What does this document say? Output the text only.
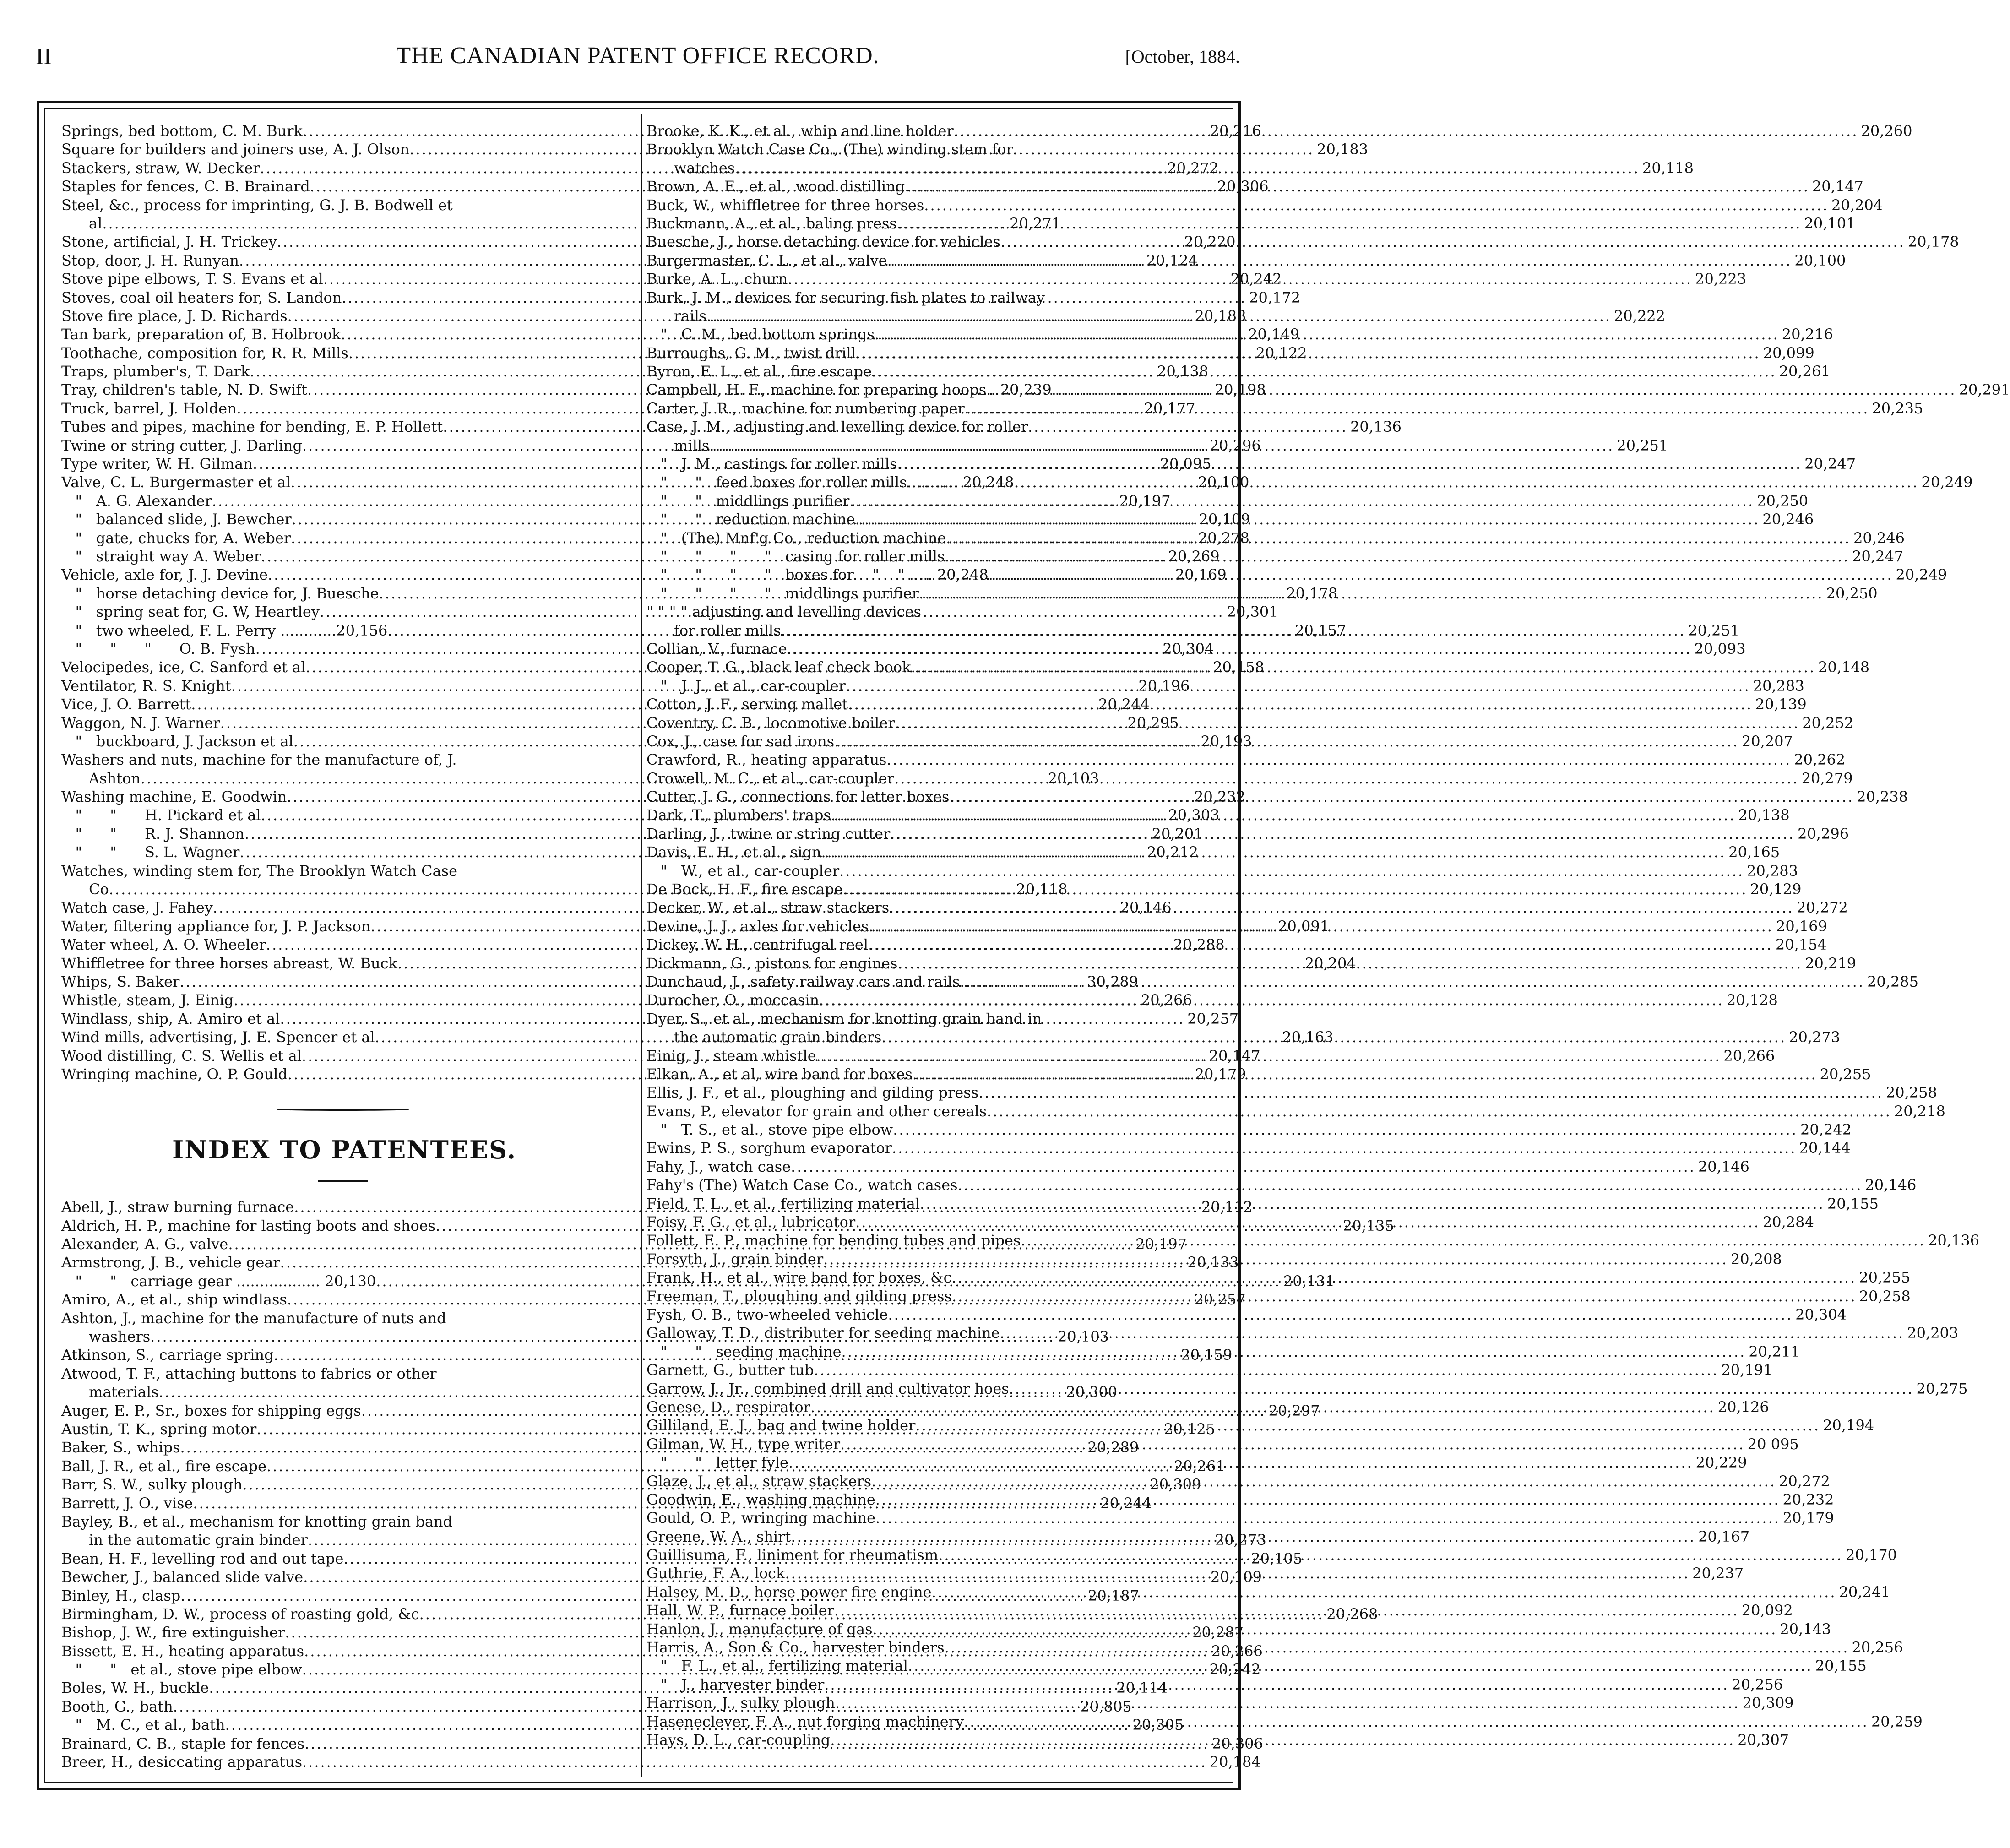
II	THE CANADIAN PATENT OFFICE RECORD.	[October, 1884.
Springs, bed bottom, C. M. Burk .....	20,216
Square for builders and joiners use, A. J. Olson .....	20,183
Stackers, straw, W. Decker .....	20,272
Staples for fences, C. B. Brainard .....	20,306
Steel, &c., process for imprinting, G. J. B. Bodwell et
al .....	20,271
Stone, artificial, J. H. Trickey .....	20,220
Stop, door, J. H. Runyan .....	20,124
Stove pipe elbows, T. S. Evans et al .....	20,242
Stoves, coal oil heaters for, S. Landon .....	20,172
Stove fire place, J. D. Richards .....	20,188
Tan bark, preparation of, B. Holbrook .....	20,149
Toothache, composition for, R. R. Mills .....	20,122
Traps, plumber's, T. Dark .....	20,138
Tray, children's table, N. D. Swift .....	20,198
Truck, barrel, J. Holden .....	20,177
Tubes and pipes, machine for bending, E. P. Hollett .....	20,136
Twine or string cutter, J. Darling .....	20,296
Type writer, W. H. Gilman .....	20,095
Valve, C. L. Burgermaster et al .....	20,100
"   A. G. Alexander .....	20,197
"   balanced slide, J. Bewcher .....	20,109
"   gate, chucks for, A. Weber .....	20,278
"   straight way A. Weber .....	20,269
Vehicle, axle for, J. J. Devine .....	20,169
"   horse detaching device for, J. Buesche .....	20,178
"   spring seat for, G. W, Heartley .....	20,301
"   two wheeled, F. L. Perry ............20,156 .....	20,157
"      "      "      O. B. Fysh .....	20,304
Velocipedes, ice, C. Sanford et al .....	20,158
Ventilator, R. S. Knight .....	20,196
Vice, J. O. Barrett .....	20,244
Waggon, N. J. Warner .....	20,295
"   buckboard, J. Jackson et al .....	20,193
Washers and nuts, machine for the manufacture of, J.
Ashton .....	20,103
Washing machine, E. Goodwin .....	20,232
"      "      H. Pickard et al .....	20,303
"      "      R. J. Shannon .....	20,201
"      "      S. L. Wagner .....	20,212
Watches, winding stem for, The Brooklyn Watch Case
Co .....	20,118
Watch case, J. Fahey .....	20,146
Water, filtering appliance for, J. P. Jackson .....	20,091
Water wheel, A. O. Wheeler .....	20,288
Whiffletree for three horses abreast, W. Buck .....	20,204
Whips, S. Baker .....	30,289
Whistle, steam, J. Einig .....	20,266
Windlass, ship, A. Amiro et al .....	20,257
Wind mills, advertising, J. E. Spencer et al .....	20,163
Wood distilling, C. S. Wellis et al .....	20,147
Wringing machine, O. P. Gould .....	20,179
INDEX TO PATENTEES.
Abell, J., straw burning furnace .....	20,112
Aldrich, H. P., machine for lasting boots and shoes .....	20,135
Alexander, A. G., valve .....	20,197
Armstrong, J. B., vehicle gear .....	20,133
"      "   carriage gear .................. 20,130 .....	20,131
Amiro, A., et al., ship windlass .....	20,257
Ashton, J., machine for the manufacture of nuts and
washers .....	20,103
Atkinson, S., carriage spring .....	20,159
Atwood, T. F., attaching buttons to fabrics or other
materials .....	20,300
Auger, E. P., Sr., boxes for shipping eggs .....	20,297
Austin, T. K., spring motor .....	20,125
Baker, S., whips .....	20,289
Ball, J. R., et al., fire escape .....	20,261
Barr, S. W., sulky plough .....	20,309
Barrett, J. O., vise .....	20,244
Bayley, B., et al., mechanism for knotting grain band
in the automatic grain binder .....	20,273
Bean, H. F., levelling rod and out tape .....	20,105
Bewcher, J., balanced slide valve .....	20,109
Binley, H., clasp .....	20,187
Birmingham, D. W., process of roasting gold, &c .....	20,268
Bishop, J. W., fire extinguisher .....	20,287
Bissett, E. H., heating apparatus .....	20,266
"      "   et al., stove pipe elbow .....	20,242
Boles, W. H., buckle .....	20,114
Booth, G., bath .....	20,805
"   M. C., et al., bath .....	20,305
Brainard, C. B., staple for fences .....	20,306
Breer, H., desiccating apparatus .....	20,184
Brooke, K. K., et al., whip and line holder .....	20,260
Brooklyn Watch Case Co., (The) winding stem for
watches .....	20,118
Brown, A. E., et al., wood distilling .....	20,147
Buck, W., whiffletree for three horses .....	20,204
Buckmann, A., et al., baling press .....	20,101
Buesche, J., horse detaching device for vehicles .....	20,178
Burgermaster, C. L., et al., valve .....	20,100
Burke, A. L., churn .....	20,223
Burk, J. M., devices for securing fish plates to railway
rails .....	20,222
"   C. M., bed bottom springs .....	20,216
Burroughs, G. M., twist drill .....	20,099
Byron, E. L., et al., fire escape .....	20,261
Campbell, H. F., machine for preparing hoops.. 20,239 .....	20,291
Carter, J. R., machine for numbering paper .....	20,235
Case, J. M., adjusting and levelling device for roller
mills .....	20,251
"   J. M., castings for roller mills .....	20,247
"      "   feed boxes for roller mills........... 20,248 .....	20,249
"      "   middlings purifier .....	20,250
"      "   reduction machine .....	20,246
"   (The) Mnf'g Co., reduction machine .....	20,246
"      "      "      "   casing for roller mills .....	20,247
"      "      "      "   boxes for    "    " ..... 20,248 .....	20,249
"      "      "      "   middlings purifier .....	20,250
" " " " adjusting and levelling devices
for roller mills .....	20,251
Collian, V., furnace .....	20,093
Cooper, T. G., black leaf check book .....	20,148
"   J. J., et al., car-coupler .....	20,283
Cotton, J. F., serving mallet .....	20,139
Coventry, C. B., locomotive boiler .....	20,252
Cox, J., case for sad irons .....	20,207
Crawford, R., heating apparatus .....	20,262
Crowell, M. C., et al., car-coupler .....	20,279
Cutter, J. G., connections for letter boxes .....	20,238
Dark, T., plumbers' traps .....	20,138
Darling, J., twine or string cutter .....	20,296
Davis, E. H., et al., sign .....	20,165
"   W., et al., car-coupler .....	20,283
De Bock, H. F., fire escape .....	20,129
Decker, W., et al., straw stackers .....	20,272
Devine, J. J., axles for vehicles .....	20,169
Dickey, W. H., centrifugal reel .....	20,154
Dickmann, G., pistons for engines .....	20,219
Dunchaud, J., safety railway cars and rails .....	20,285
Durocher, O., moccasin .....	20,128
Dyer, S., et al., mechanism for knotting grain band in
the automatic grain binders .....	20,273
Einig, J., steam whistle .....	20,266
Elkan, A., et al, wire band for boxes .....	20,255
Ellis, J. F., et al., ploughing and gilding press .....	20,258
Evans, P., elevator for grain and other cereals .....	20,218
"   T. S., et al., stove pipe elbow .....	20,242
Ewins, P. S., sorghum evaporator .....	20,144
Fahy, J., watch case .....	20,146
Fahy's (The) Watch Case Co., watch cases .....	20,146
Field, T. L., et al., fertilizing material .....	20,155
Foisy, F. G., et al., lubricator .....	20,284
Follett, E. P., machine for bending tubes and pipes .....	20,136
Forsyth, J., grain binder .....	20,208
Frank, H., et al., wire band for boxes, &c .....	20,255
Freeman, T., ploughing and gilding press .....	20,258
Fysh, O. B., two-wheeled vehicle .....	20,304
Galloway, T. D., distributer for seeding machine .....	20,203
"      "   seeding machine .....	20,211
Garnett, G., butter tub .....	20,191
Garrow, J., Jr., combined drill and cultivator hoes .....	20,275
Genese, D., respirator .....	20,126
Gilliland, E. J., bag and twine holder .....	20,194
Gilman, W. H., type writer .....	20 095
"      "   letter fyle .....	20,229
Glaze, J., et al., straw stackers .....	20,272
Goodwin, E., washing machine .....	20,232
Gould, O. P., wringing machine .....	20,179
Greene, W. A., shirt .....	20,167
Guillisuma, F., liniment for rheumatism .....	20,170
Guthrie, F. A., lock .....	20,237
Halsey, M. D., horse power fire engine .....	20,241
Hall, W. P., furnace boiler .....	20,092
Hanlon, J., manufacture of gas .....	20,143
Harris, A., Son & Co., harvester binders .....	20,256
"   F. L., et al., fertilizing material .....	20,155
"   J., harvester binder .....	20,256
Harrison, J., sulky plough .....	20,309
Haseneclever, F. A., nut forging machinery .....	20,259
Hays, D. L., car-coupling .....	20,307
